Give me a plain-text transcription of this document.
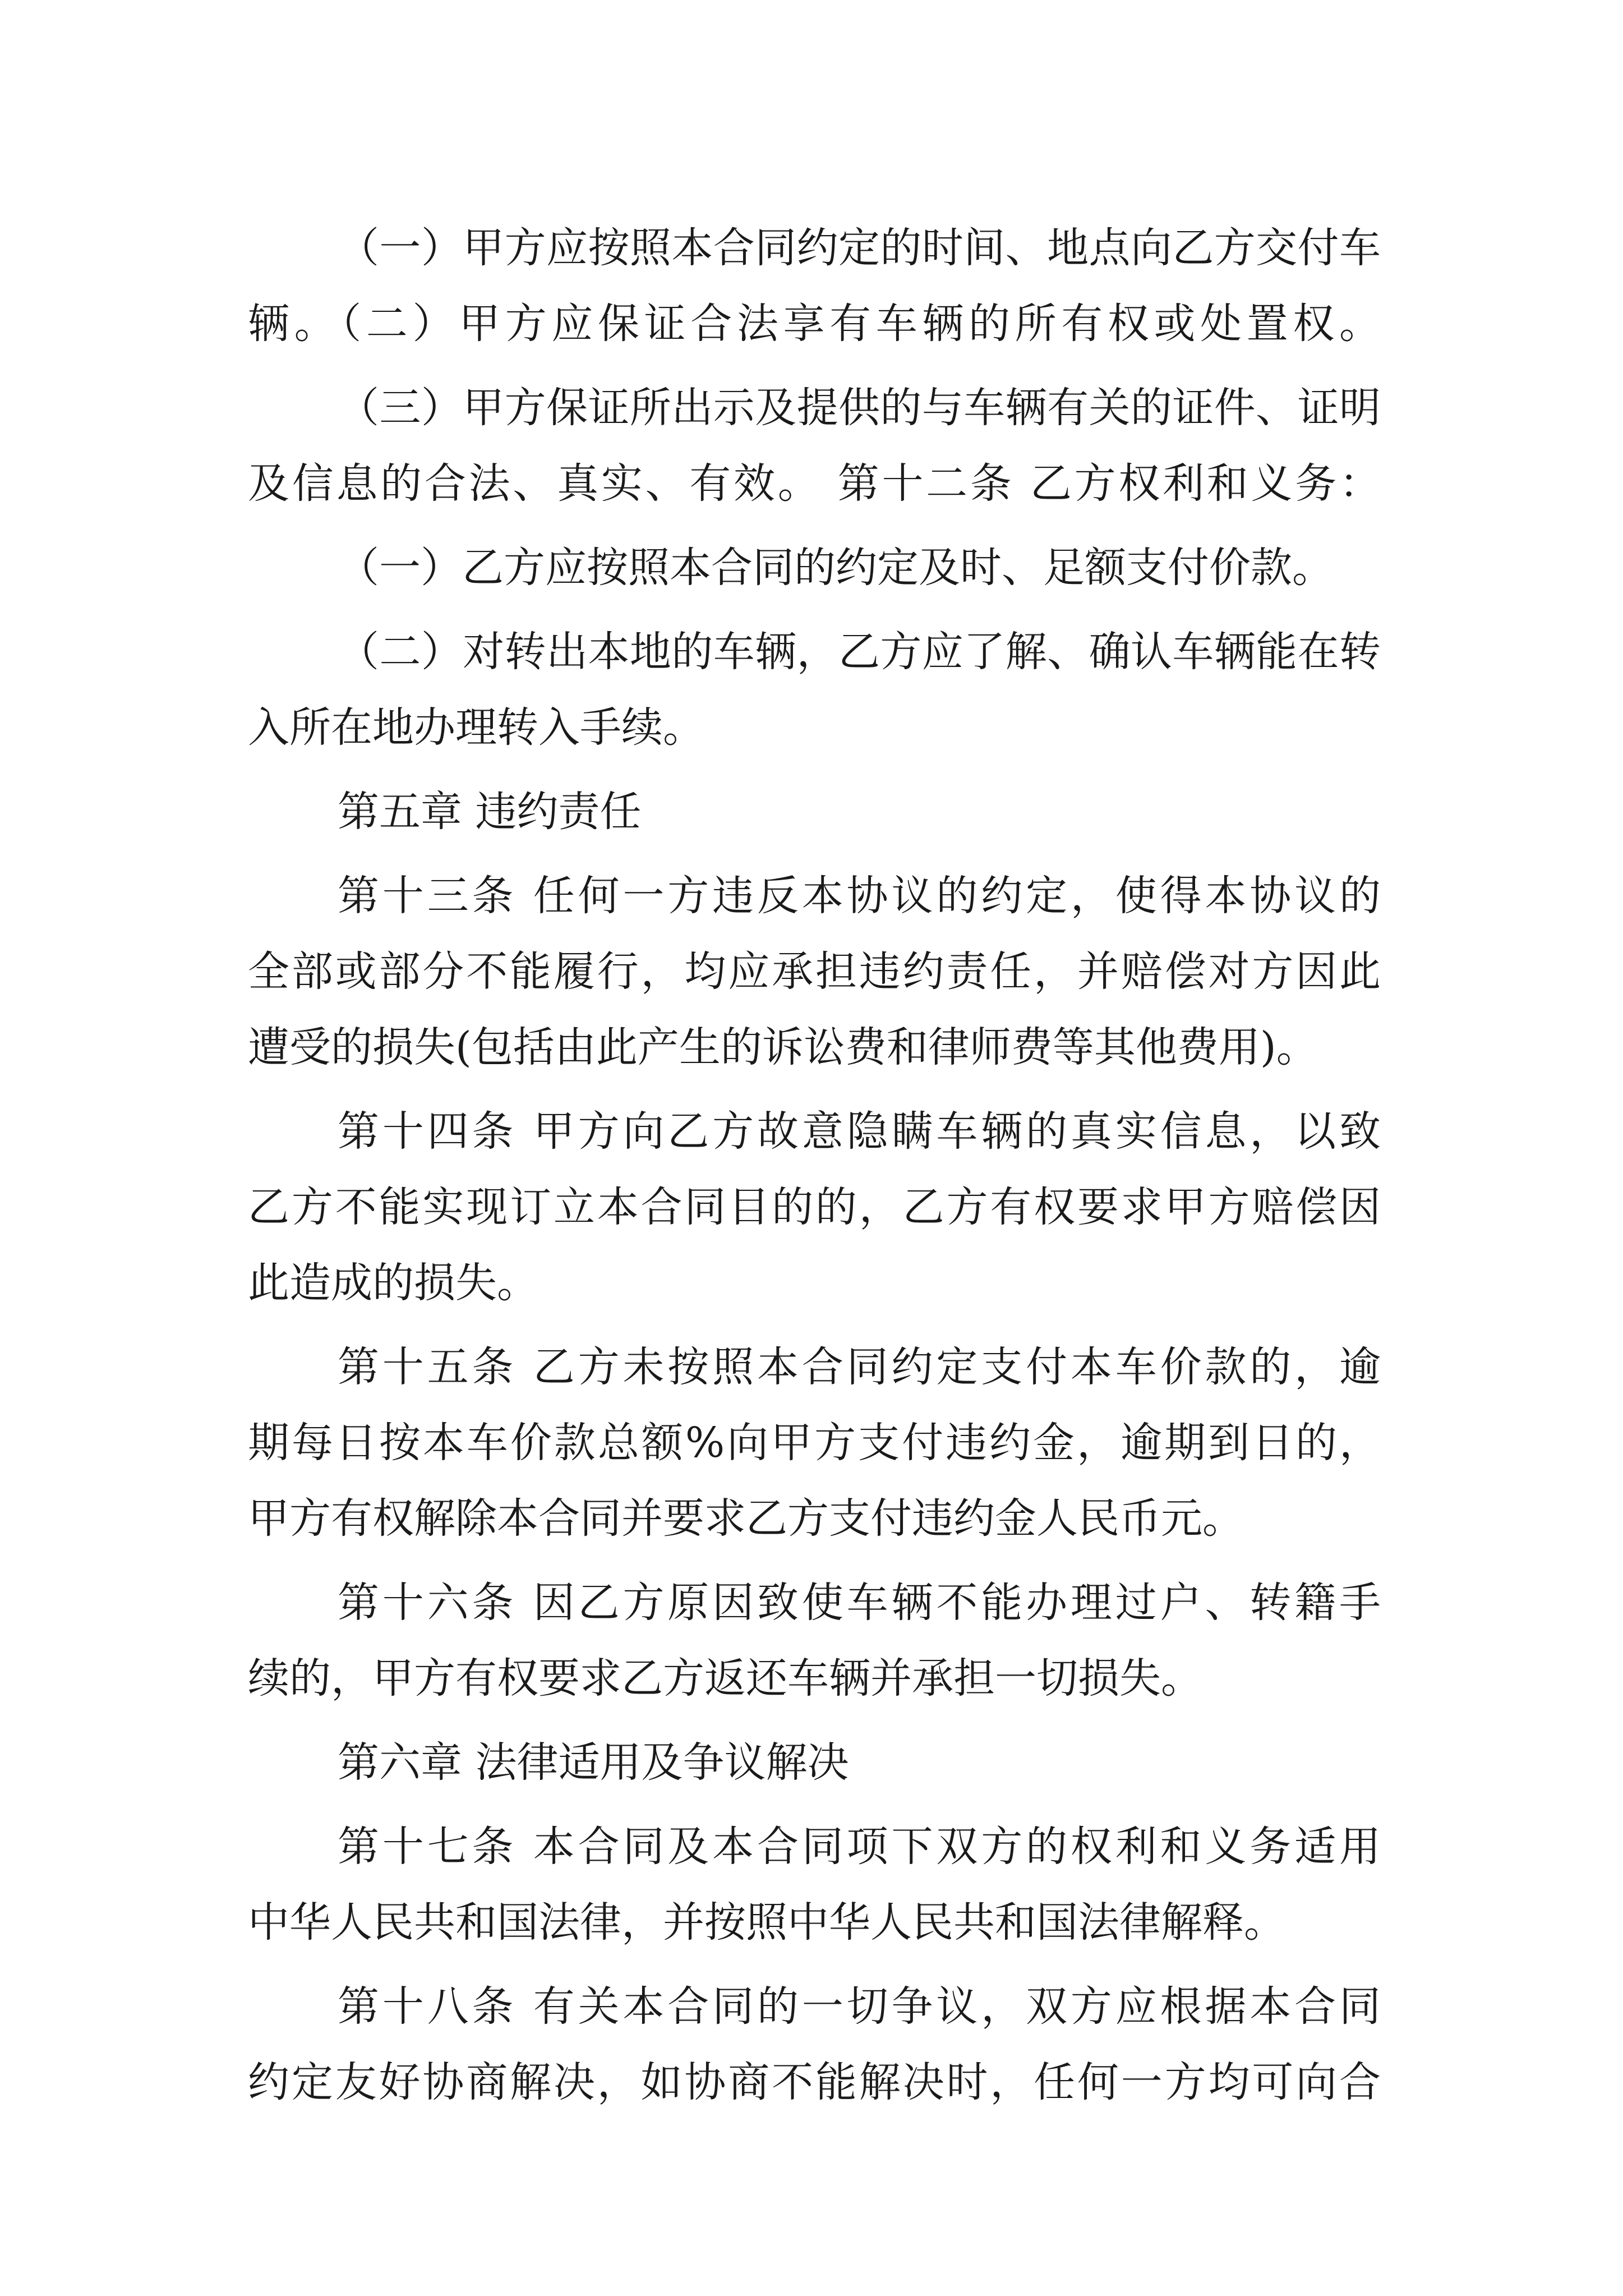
（一）甲方应按照本合同约定的时间、地点向乙方交付车
辆。（二）甲方应保证合法享有车辆的所有权或处置权。
（三）甲方保证所出示及提供的与车辆有关的证件、证明
及信息的合法、真实、有效。 第十二条 乙方权利和义务：
（一）乙方应按照本合同的约定及时、足额支付价款。
（二）对转出本地的车辆，乙方应了解、确认车辆能在转
入所在地办理转入手续。
第五章 违约责任
第十三条 任何一方违反本协议的约定，使得本协议的
全部或部分不能履行，均应承担违约责任，并赔偿对方因此
遭受的损失(包括由此产生的诉讼费和律师费等其他费用)。
第十四条 甲方向乙方故意隐瞒车辆的真实信息，以致
乙方不能实现订立本合同目的的，乙方有权要求甲方赔偿因
此造成的损失。
第十五条 乙方未按照本合同约定支付本车价款的，逾
期每日按本车价款总额%向甲方支付违约金，逾期到日的，
甲方有权解除本合同并要求乙方支付违约金人民币元。
第十六条 因乙方原因致使车辆不能办理过户、转籍手
续的，甲方有权要求乙方返还车辆并承担一切损失。
第六章 法律适用及争议解决
第十七条 本合同及本合同项下双方的权利和义务适用
中华人民共和国法律，并按照中华人民共和国法律解释。
第十八条 有关本合同的一切争议，双方应根据本合同
约定友好协商解决，如协商不能解决时，任何一方均可向合
